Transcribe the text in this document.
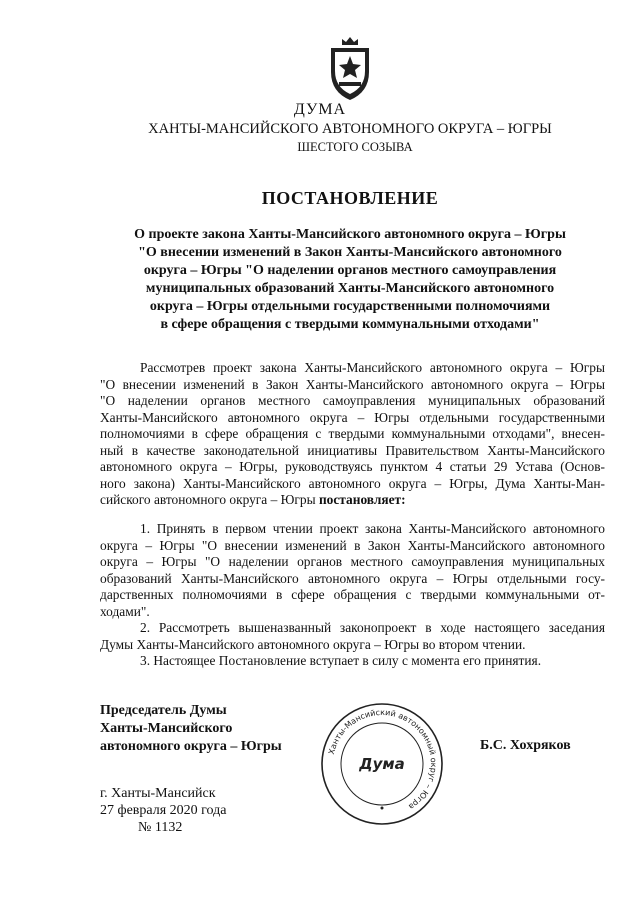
ДУМА
ХАНТЫ-МАНСИЙСКОГО АВТОНОМНОГО ОКРУГА – ЮГРЫ
ШЕСТОГО СОЗЫВА
ПОСТАНОВЛЕНИЕ
О проекте закона Ханты-Мансийского автономного округа – Югры
"О внесении изменений в Закон Ханты-Мансийского автономного
округа – Югры "О наделении органов местного самоуправления
муниципальных образований Ханты-Мансийского автономного
округа – Югры отдельными государственными полномочиями
в сфере обращения с твердыми коммунальными отходами"
Рассмотрев проект закона Ханты-Мансийского автономного округа – Югры
"О внесении изменений в Закон Ханты-Мансийского автономного округа – Югры
"О наделении органов местного самоуправления муниципальных образований
Ханты-Мансийского автономного округа – Югры отдельными государственными
полномочиями в сфере обращения с твердыми коммунальными отходами", внесен-
ный в качестве законодательной инициативы Правительством Ханты-Мансийского
автономного округа – Югры, руководствуясь пунктом 4 статьи 29 Устава (Основ-
ного закона) Ханты-Мансийского автономного округа – Югры, Дума Ханты-Ман-
сийского автономного округа – Югры постановляет:
1. Принять в первом чтении проект закона Ханты-Мансийского автономного
округа – Югры "О внесении изменений в Закон Ханты-Мансийского автономного
округа – Югры "О наделении органов местного самоуправления муниципальных
образований Ханты-Мансийского автономного округа – Югры отдельными госу-
дарственных полномочиями в сфере обращения с твердыми коммунальными от-
ходами".
2. Рассмотреть вышеназванный законопроект в ходе настоящего заседания
Думы Ханты-Мансийского автономного округа – Югры во втором чтении.
3. Настоящее Постановление вступает в силу с момента его принятия.
Председатель Думы
Ханты-Мансийского
автономного округа – Югры	Б.С. Хохряков
Ханты-Мансийский автономный округ – Югра
Дума
г. Ханты-Мансийск
27 февраля 2020 года
№ 1132
